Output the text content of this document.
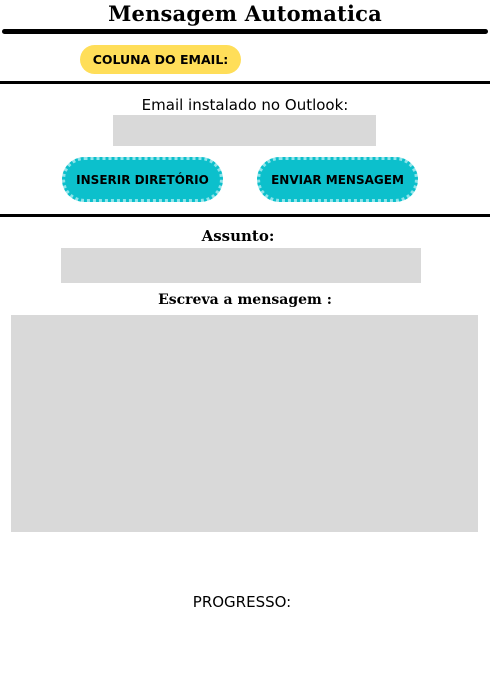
Mensagem Automatica
COLUNA DO EMAIL:
Email instalado no Outlook:
INSERIR DIRETÓRIO	ENVIAR MENSAGEM
Assunto:
Escreva a mensagem :
PROGRESSO:
